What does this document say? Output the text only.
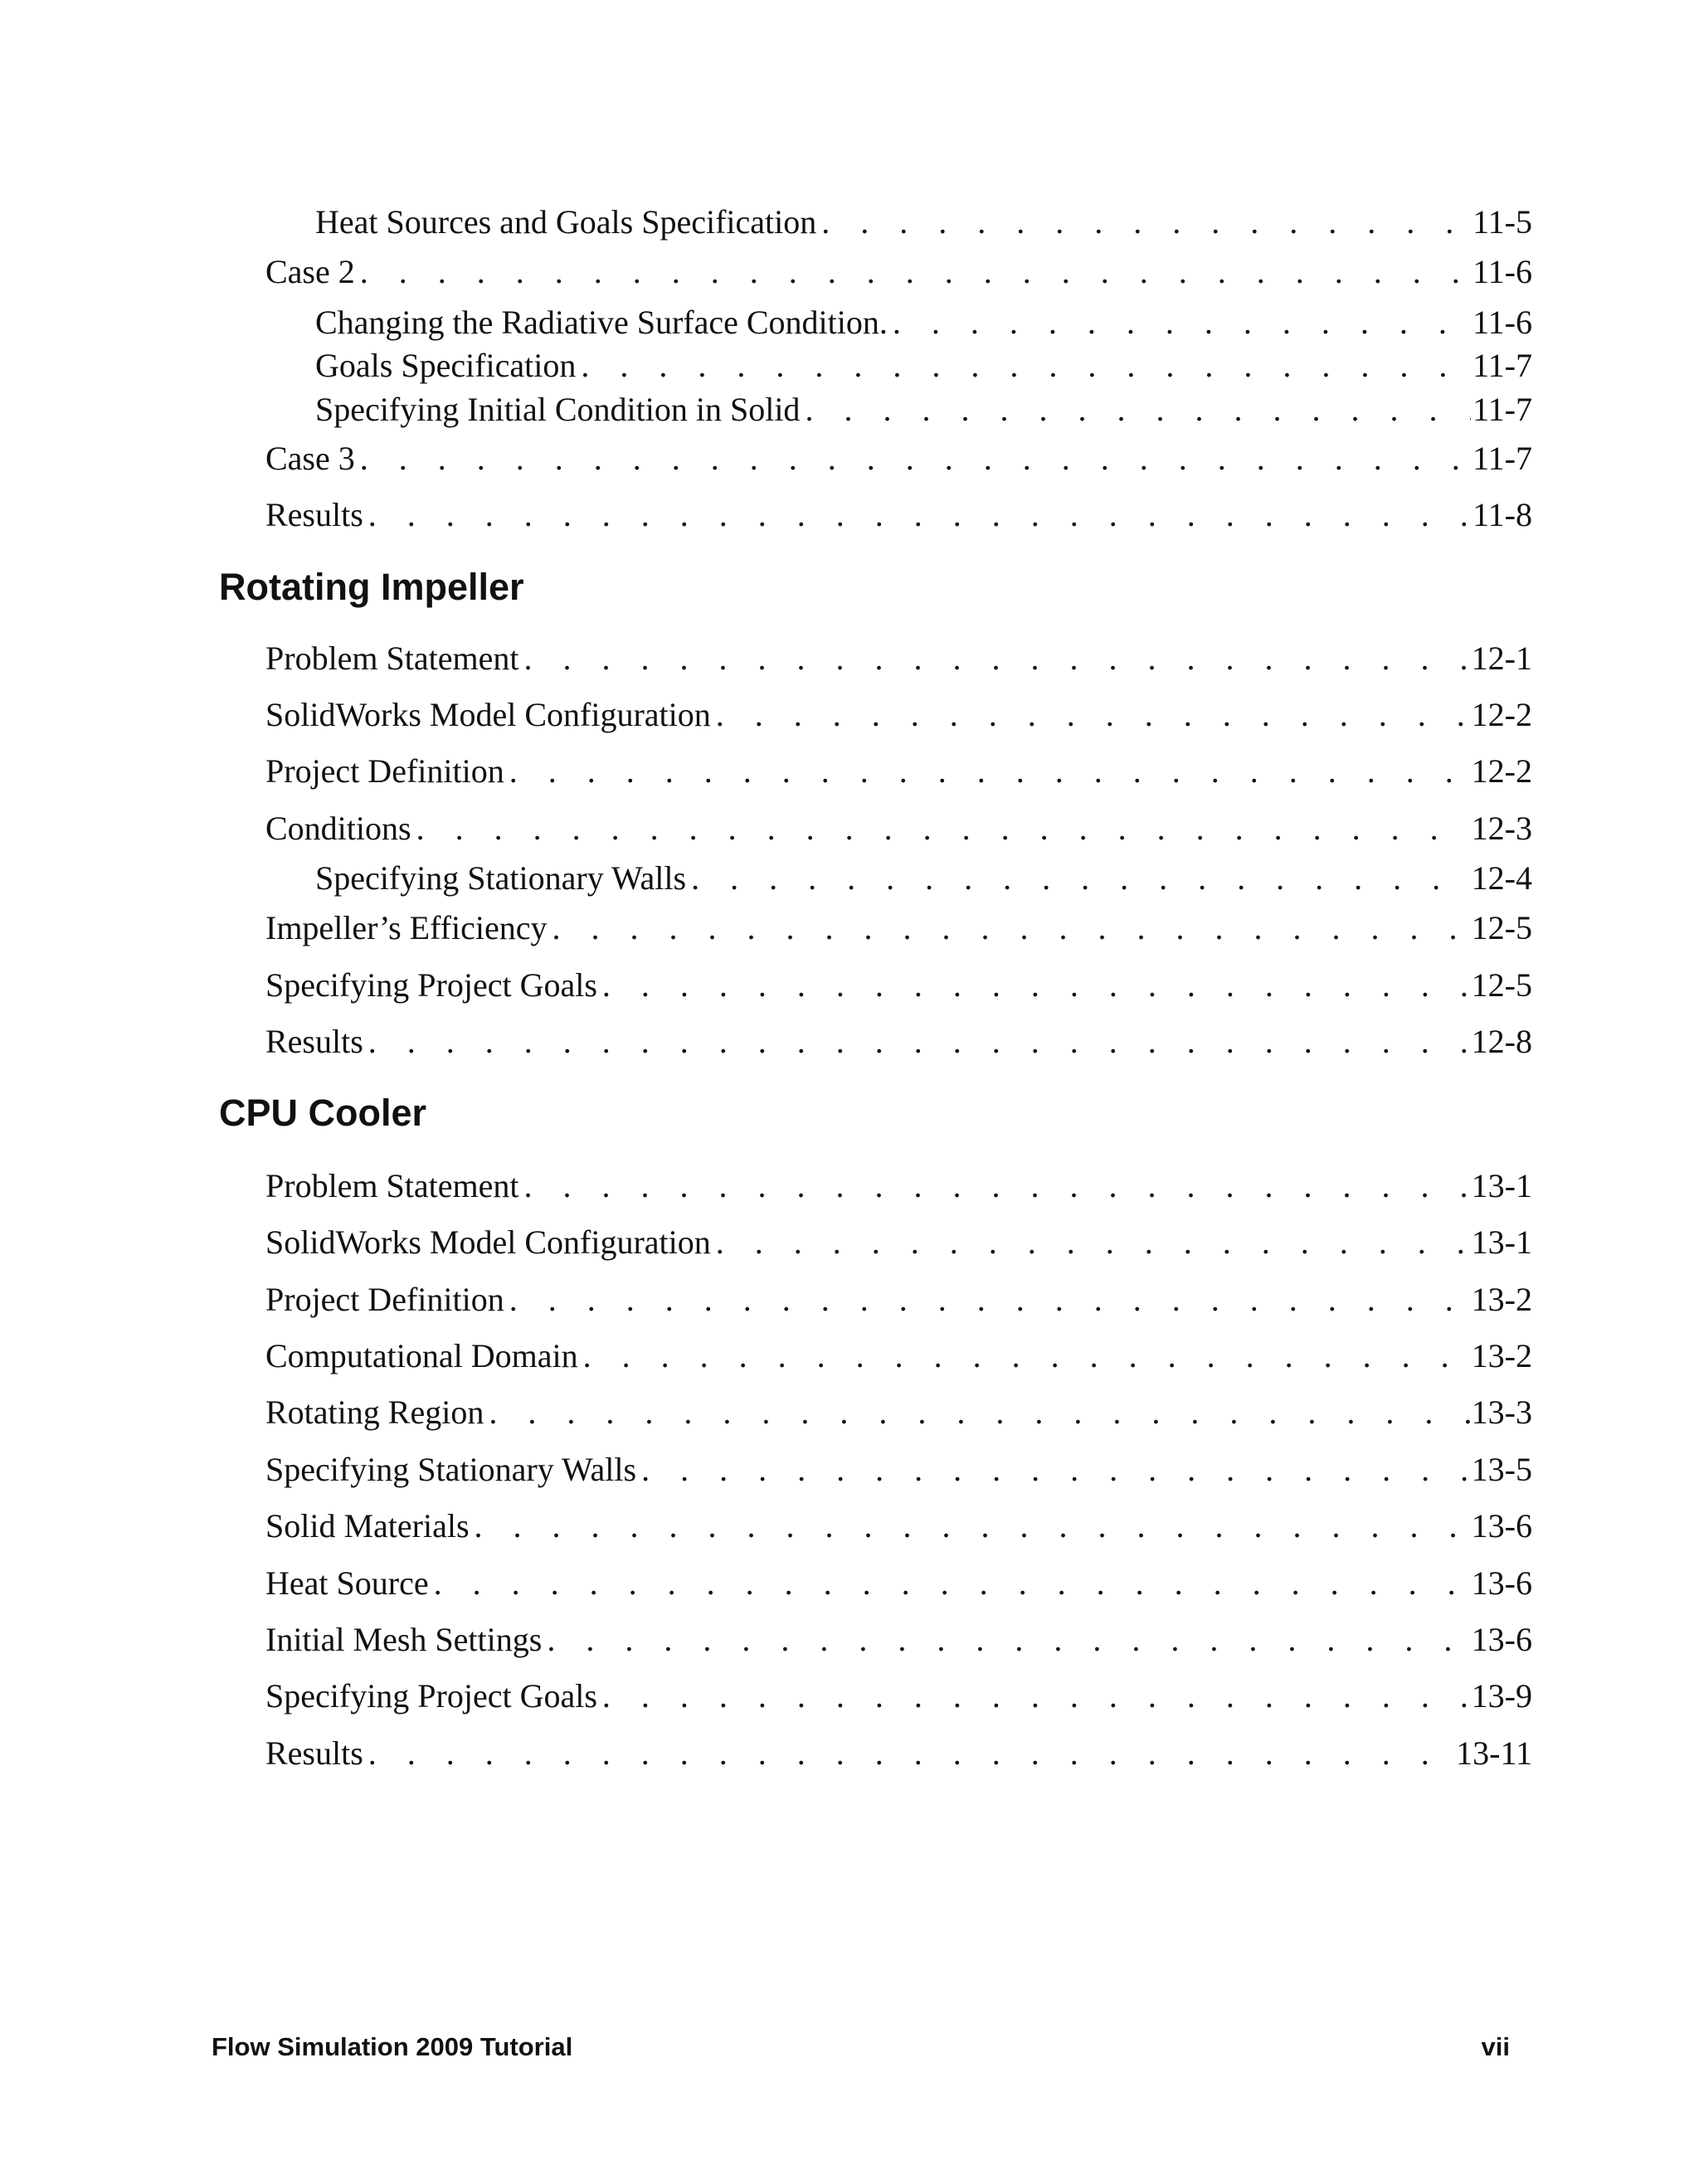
Heat Sources and Goals Specification . . .	11-5
Case 2 . . .	11-6
Changing the Radiative Surface Condition. . . .	11-6
Goals Specification . . .	11-7
Specifying Initial Condition in Solid . . .	11-7
Case 3 . . .	11-7
Results . . .	11-8
Rotating Impeller
Problem Statement . . .	12-1
SolidWorks Model Configuration . . .	12-2
Project Definition . . .	12-2
Conditions . . .	12-3
Specifying Stationary Walls . . .	12-4
Impeller’s Efficiency . . .	12-5
Specifying Project Goals . . .	12-5
Results . . .	12-8
CPU Cooler
Problem Statement . . .	13-1
SolidWorks Model Configuration . . .	13-1
Project Definition . . .	13-2
Computational Domain . . .	13-2
Rotating Region . . .	13-3
Specifying Stationary Walls . . .	13-5
Solid Materials . . .	13-6
Heat Source . . .	13-6
Initial Mesh Settings . . .	13-6
Specifying Project Goals . . .	13-9
Results . . .	13-11
Flow Simulation 2009 Tutorial	vii
